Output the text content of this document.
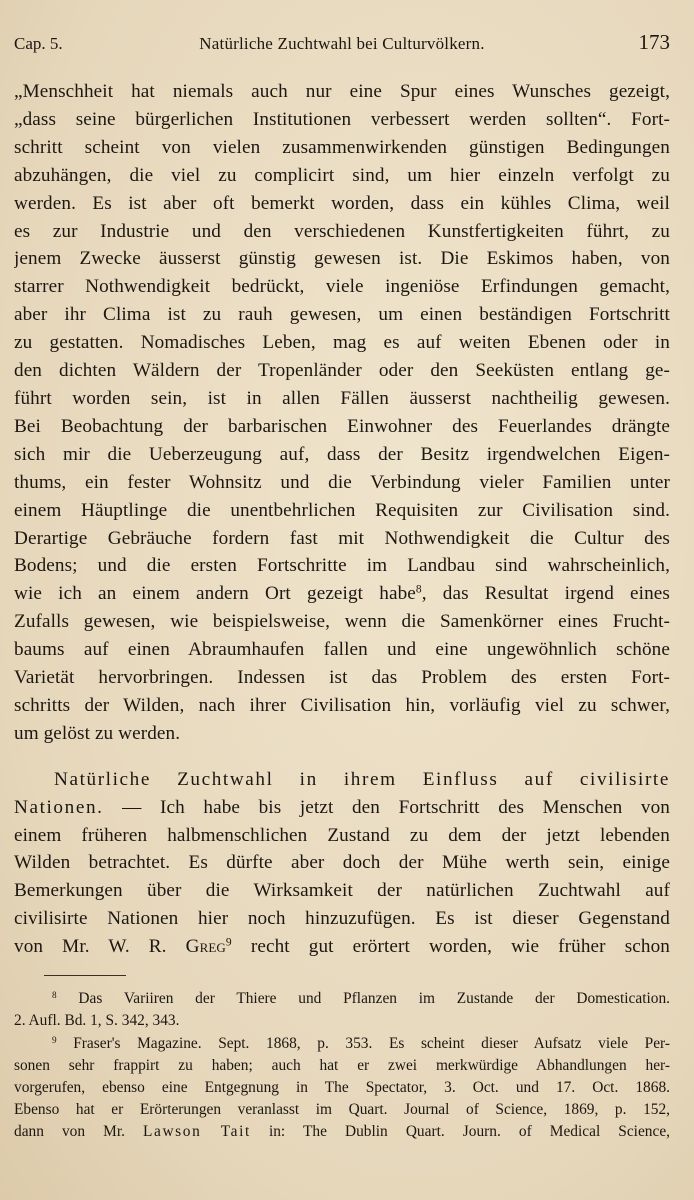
Cap. 5.	Natürliche Zuchtwahl bei Culturvölkern.	173
„Menschheit hat niemals auch nur eine Spur eines Wunsches gezeigt,
„dass seine bürgerlichen Institutionen verbessert werden sollten“. Fort-
schritt scheint von vielen zusammenwirkenden günstigen Bedingungen
abzuhängen, die viel zu complicirt sind, um hier einzeln verfolgt zu
werden. Es ist aber oft bemerkt worden, dass ein kühles Clima, weil
es zur Industrie und den verschiedenen Kunstfertigkeiten führt, zu
jenem Zwecke äusserst günstig gewesen ist. Die Eskimos haben, von
starrer Nothwendigkeit bedrückt, viele ingeniöse Erfindungen gemacht,
aber ihr Clima ist zu rauh gewesen, um einen beständigen Fortschritt
zu gestatten. Nomadisches Leben, mag es auf weiten Ebenen oder in
den dichten Wäldern der Tropenländer oder den Seeküsten entlang ge-
führt worden sein, ist in allen Fällen äusserst nachtheilig gewesen.
Bei Beobachtung der barbarischen Einwohner des Feuerlandes drängte
sich mir die Ueberzeugung auf, dass der Besitz irgendwelchen Eigen-
thums, ein fester Wohnsitz und die Verbindung vieler Familien unter
einem Häuptlinge die unentbehrlichen Requisiten zur Civilisation sind.
Derartige Gebräuche fordern fast mit Nothwendigkeit die Cultur des
Bodens; und die ersten Fortschritte im Landbau sind wahrscheinlich,
wie ich an einem andern Ort gezeigt habe$^8$, das Resultat irgend eines
Zufalls gewesen, wie beispielsweise, wenn die Samenkörner eines Frucht-
baums auf einen Abraumhaufen fallen und eine ungewöhnlich schöne
Varietät hervorbringen. Indessen ist das Problem des ersten Fort-
schritts der Wilden, nach ihrer Civilisation hin, vorläufig viel zu schwer,
um gelöst zu werden.
Natürliche Zuchtwahl in ihrem Einfluss auf civilisirte
Nationen. — Ich habe bis jetzt den Fortschritt des Menschen von
einem früheren halbmenschlichen Zustand zu dem der jetzt lebenden
Wilden betrachtet. Es dürfte aber doch der Mühe werth sein, einige
Bemerkungen über die Wirksamkeit der natürlichen Zuchtwahl auf
civilisirte Nationen hier noch hinzuzufügen. Es ist dieser Gegenstand
von Mr. W. R. Greg$^9$ recht gut erörtert worden, wie früher schon
$^8$ Das Variiren der Thiere und Pflanzen im Zustande der Domestication.
2. Aufl. Bd. 1, S. 342, 343.
$^9$ Fraser's Magazine. Sept. 1868, p. 353. Es scheint dieser Aufsatz viele Per-
sonen sehr frappirt zu haben; auch hat er zwei merkwürdige Abhandlungen her-
vorgerufen, ebenso eine Entgegnung in The Spectator, 3. Oct. und 17. Oct. 1868.
Ebenso hat er Erörterungen veranlasst im Quart. Journal of Science, 1869, p. 152,
dann von Mr. Lawson Tait in: The Dublin Quart. Journ. of Medical Science,
